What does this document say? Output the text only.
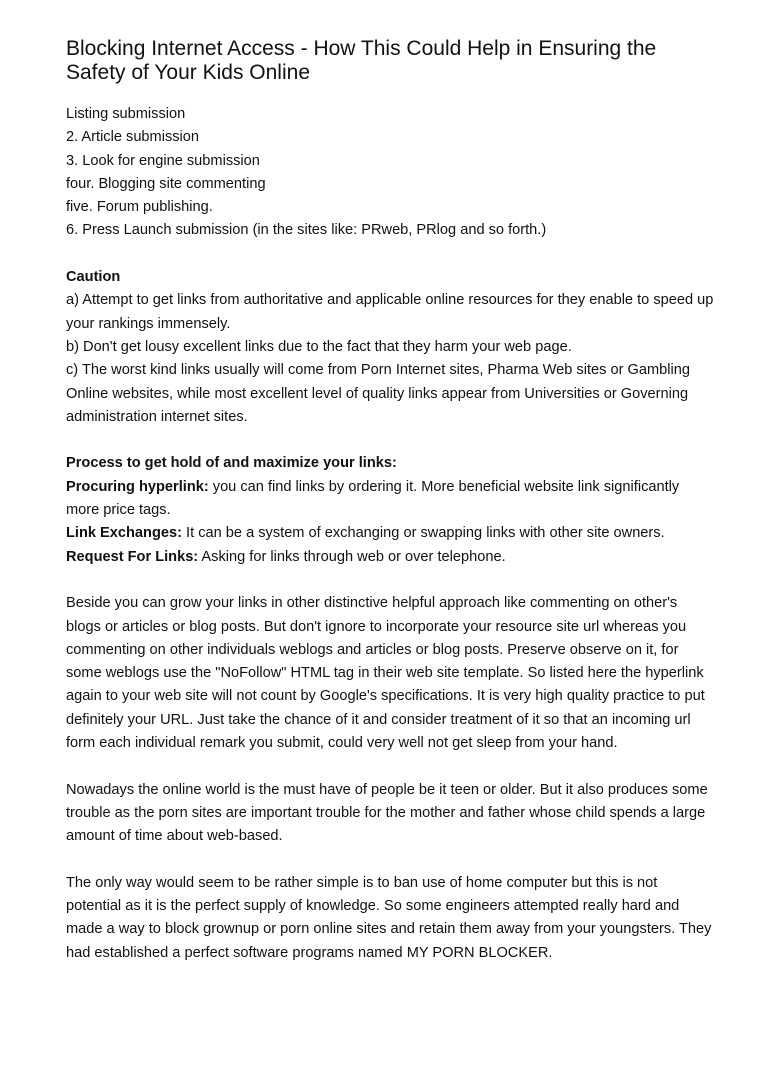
Blocking Internet Access - How This Could Help in Ensuring the Safety of Your Kids Online

Listing submission

2. Article submission

3. Look for engine submission

four. Blogging site commenting

five. Forum publishing.

6. Press Launch submission (in the sites like: PRweb, PRlog and so forth.)

Caution

a) Attempt to get links from authoritative and applicable online resources for they enable to speed up your rankings immensely.

b) Don't get lousy excellent links due to the fact that they harm your web page.

c) The worst kind links usually will come from Porn Internet sites, Pharma Web sites or Gambling Online websites, while most excellent level of quality links appear from Universities or Governing administration internet sites.

Process to get hold of and maximize your links:

Procuring hyperlink: you can find links by ordering it. More beneficial website link significantly more price tags.

Link Exchanges: It can be a system of exchanging or swapping links with other site owners.

Request For Links: Asking for links through web or over telephone.

Beside you can grow your links in other distinctive helpful approach like commenting on other's blogs or articles or blog posts. But don't ignore to incorporate your resource site url whereas you commenting on other individuals weblogs and articles or blog posts. Preserve observe on it, for some weblogs use the "NoFollow" HTML tag in their web site template. So listed here the hyperlink again to your web site will not count by Google's specifications. It is very high quality practice to put definitely your URL. Just take the chance of it and consider treatment of it so that an incoming url form each individual remark you submit, could very well not get sleep from your hand.

Nowadays the online world is the must have of people be it teen or older. But it also produces some trouble as the porn sites are important trouble for the mother and father whose child spends a large amount of time about web-based.

The only way would seem to be rather simple is to ban use of home computer but this is not potential as it is the perfect supply of knowledge. So some engineers attempted really hard and made a way to block grownup or porn online sites and retain them away from your youngsters. They had established a perfect software programs named MY PORN BLOCKER.
